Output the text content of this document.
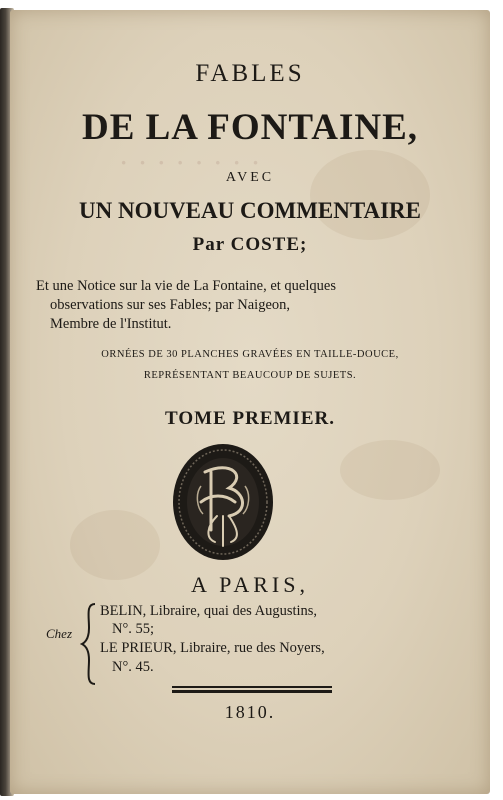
· · · · · · · ·
FABLES
DE LA FONTAINE,
AVEC
UN NOUVEAU COMMENTAIRE
Par COSTE;
Et une Notice sur la vie de La Fontaine, et quelques
observations sur ses Fables; par Naigeon,
Membre de l'Institut.
ORNÉES DE 30 PLANCHES GRAVÉES EN TAILLE-DOUCE,
REPRÉSENTANT BEAUCOUP DE SUJETS.
TOME PREMIER.
A PARIS,
Chez
BELIN, Libraire, quai des Augustins,
N°. 55;
LE PRIEUR, Libraire, rue des Noyers,
N°. 45.
1810.
